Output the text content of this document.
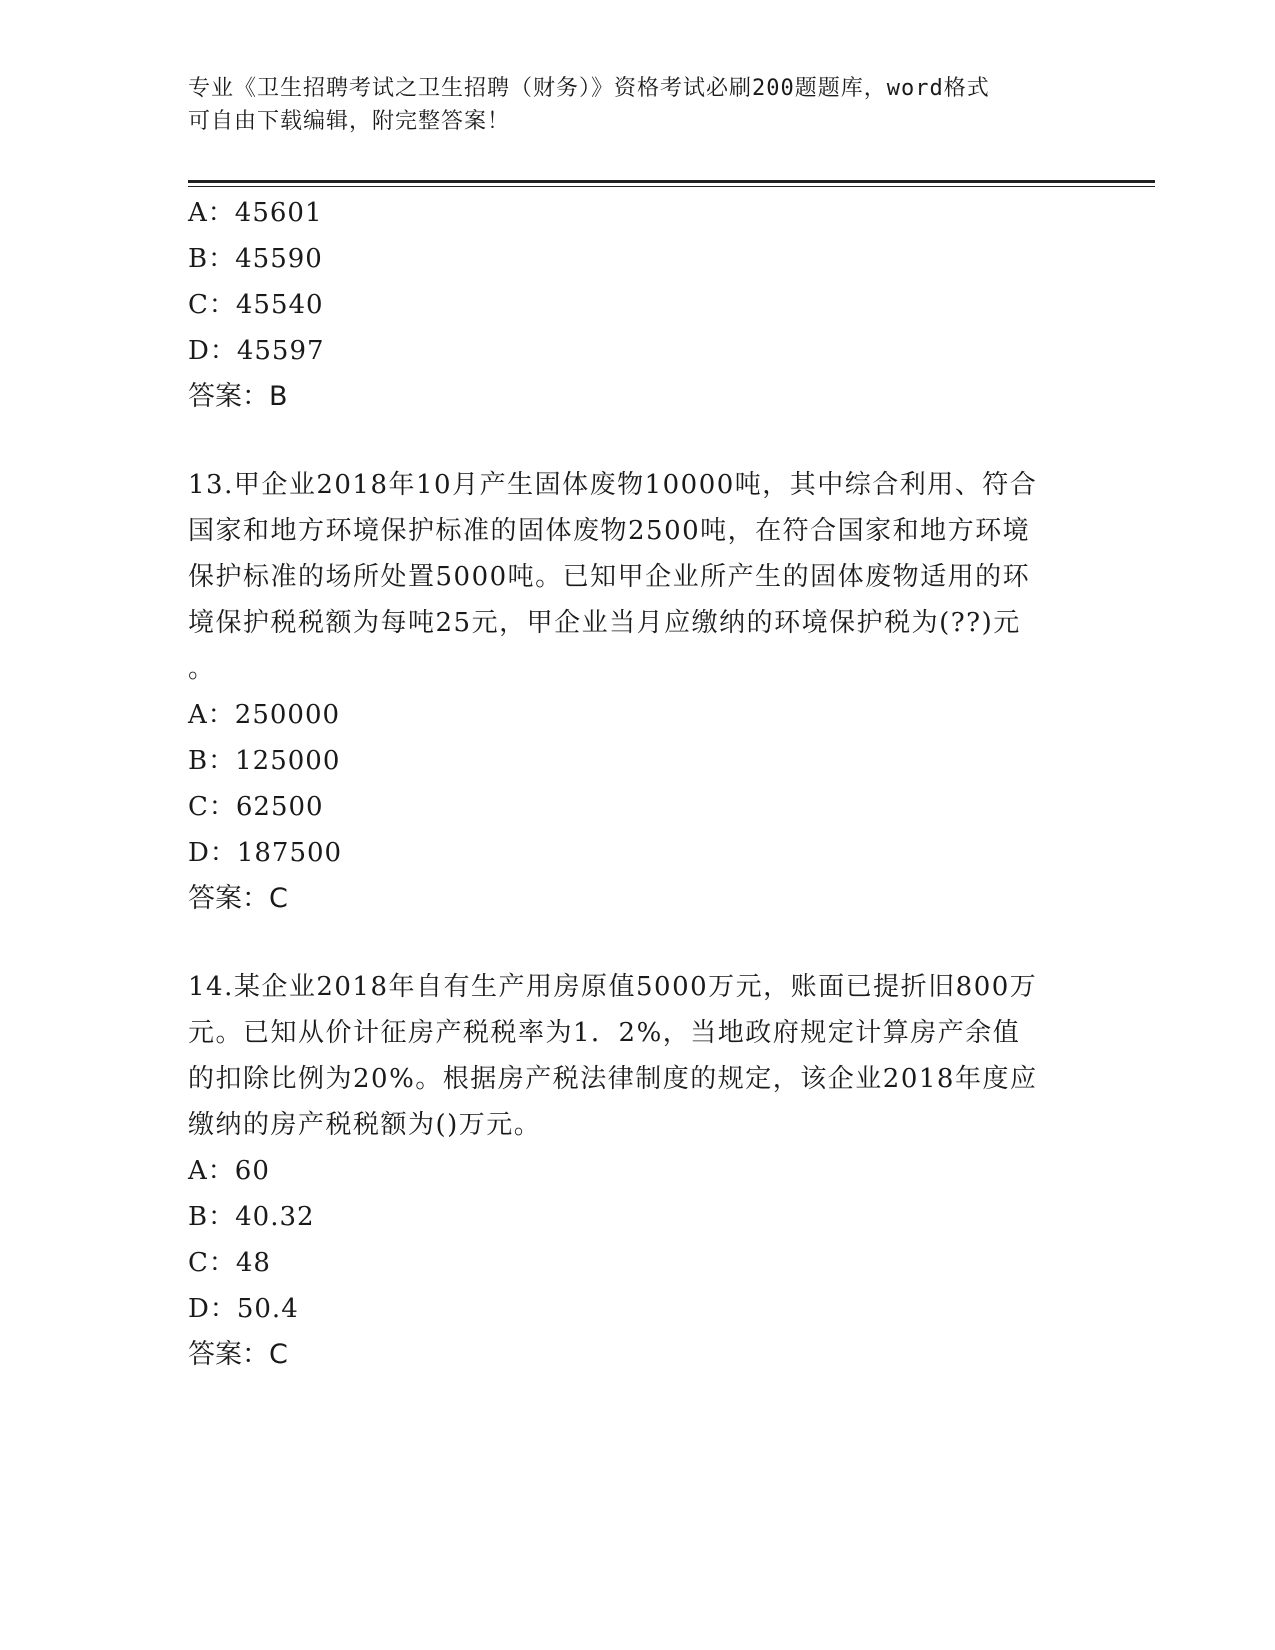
专业《卫生招聘考试之卫生招聘（财务）》资格考试必刷200题题库，word格式
可自由下载编辑，附完整答案！
A：45601
B：45590
C：45540
D：45597
答案：B
13.甲企业2018年10月产生固体废物10000吨，其中综合利用、符合
国家和地方环境保护标准的固体废物2500吨，在符合国家和地方环境
保护标准的场所处置5000吨。已知甲企业所产生的固体废物适用的环
境保护税税额为每吨25元，甲企业当月应缴纳的环境保护税为(??)元
。
A：250000
B：125000
C：62500
D：187500
答案：C
14.某企业2018年自有生产用房原值5000万元，账面已提折旧800万
元。已知从价计征房产税税率为1．2%，当地政府规定计算房产余值
的扣除比例为20%。根据房产税法律制度的规定，该企业2018年度应
缴纳的房产税税额为()万元。
A：60
B：40.32
C：48
D：50.4
答案：C
